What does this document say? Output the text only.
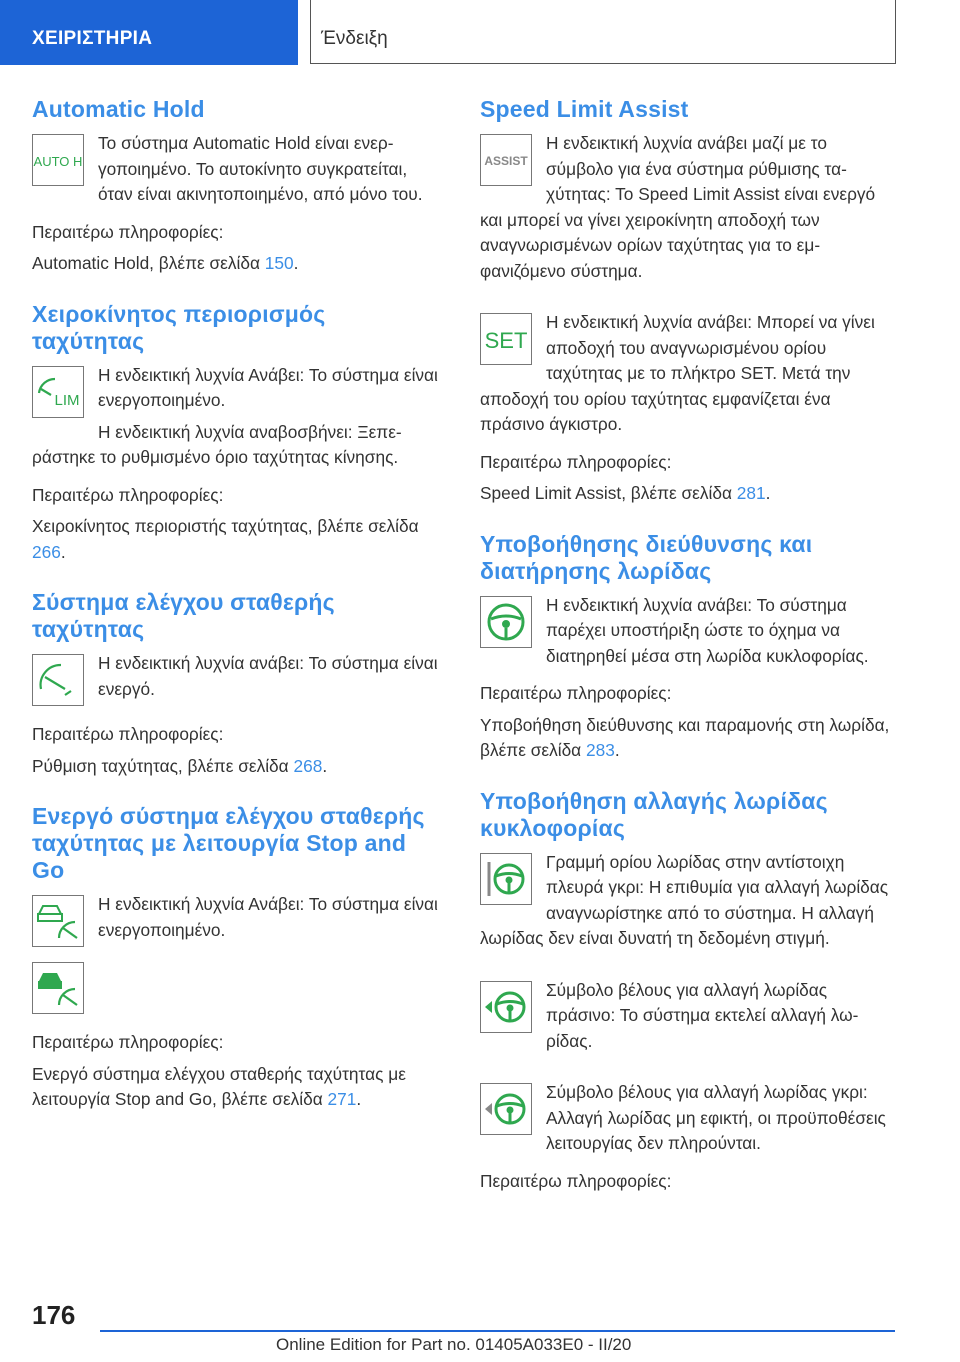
ΧΕΙΡΙΣΤΗΡΙΑ	Ένδειξη
Automatic Hold
AUTO H

Το σύστημα Automatic Hold είναι ενεργοποιημένο. Το αυτοκίνητο συγκρατείται, όταν είναι ακινητοποιημένο, από μόνο του.

Περαιτέρω πληροφορίες:

Automatic Hold, βλέπε σελίδα 150.

Χειροκίνητος περιορισμός ταχύτητας
LIM

Η ενδεικτική λυχνία Ανάβει: Το σύστημα είναι ενεργοποιημένο.

Η ενδεικτική λυχνία αναβοσβήνει: Ξεπεράστηκε το ρυθμισμένο όριο ταχύτητας κίνησης.

Περαιτέρω πληροφορίες:

Χειροκίνητος περιοριστής ταχύτητας, βλέπε σελίδα 266.

Σύστημα ελέγχου σταθερής ταχύτητας

Η ενδεικτική λυχνία ανάβει: Το σύστημα είναι ενεργό.

Περαιτέρω πληροφορίες:

Ρύθμιση ταχύτητας, βλέπε σελίδα 268.

Ενεργό σύστημα ελέγχου σταθερής ταχύτητας με λειτουργία Stop and Go

Η ενδεικτική λυχνία Ανάβει: Το σύστημα είναι ενεργοποιημένο.

Περαιτέρω πληροφορίες:

Ενεργό σύστημα ελέγχου σταθερής ταχύτητας με λειτουργία Stop and Go, βλέπε σελίδα 271.

Speed Limit Assist
ASSIST

Η ενδεικτική λυχνία ανάβει μαζί με το σύμβολο για ένα σύστημα ρύθμισης ταχύτητας: Το Speed Limit Assist είναι ενεργό και μπορεί να γίνει χειροκίνητη αποδοχή των αναγνωρισμένων ορίων ταχύτητας για το εμφανιζόμενο σύστημα.

SET

Η ενδεικτική λυχνία ανάβει: Μπορεί να γίνει αποδοχή του αναγνωρισμένου ορίου ταχύτητας με το πλήκτρο SET. Μετά την αποδοχή του ορίου ταχύτητας εμφανίζεται ένα πράσινο άγκιστρο.

Περαιτέρω πληροφορίες:

Speed Limit Assist, βλέπε σελίδα 281.

Υποβοήθησης διεύθυνσης και διατήρησης λωρίδας

Η ενδεικτική λυχνία ανάβει: Το σύστημα παρέχει υποστήριξη ώστε το όχημα να διατηρηθεί μέσα στη λωρίδα κυκλοφορίας.

Περαιτέρω πληροφορίες:

Υποβοήθηση διεύθυνσης και παραμονής στη λωρίδα, βλέπε σελίδα 283.

Υποβοήθηση αλλαγής λωρίδας κυκλοφορίας

Γραμμή ορίου λωρίδας στην αντίστοιχη πλευρά γκρι: Η επιθυμία για αλλαγή λωρίδας αναγνωρίστηκε από το σύστημα. Η αλλαγή λωρίδας δεν είναι δυνατή τη δεδομένη στιγμή.

Σύμβολο βέλους για αλλαγή λωρίδας πράσινο: Το σύστημα εκτελεί αλλαγή λωρίδας.

Σύμβολο βέλους για αλλαγή λωρίδας γκρι: Αλλαγή λωρίδας μη εφικτή, οι προϋποθέσεις λειτουργίας δεν πληρούνται.

Περαιτέρω πληροφορίες:

176
Online Edition for Part no. 01405A033E0 - II/20
